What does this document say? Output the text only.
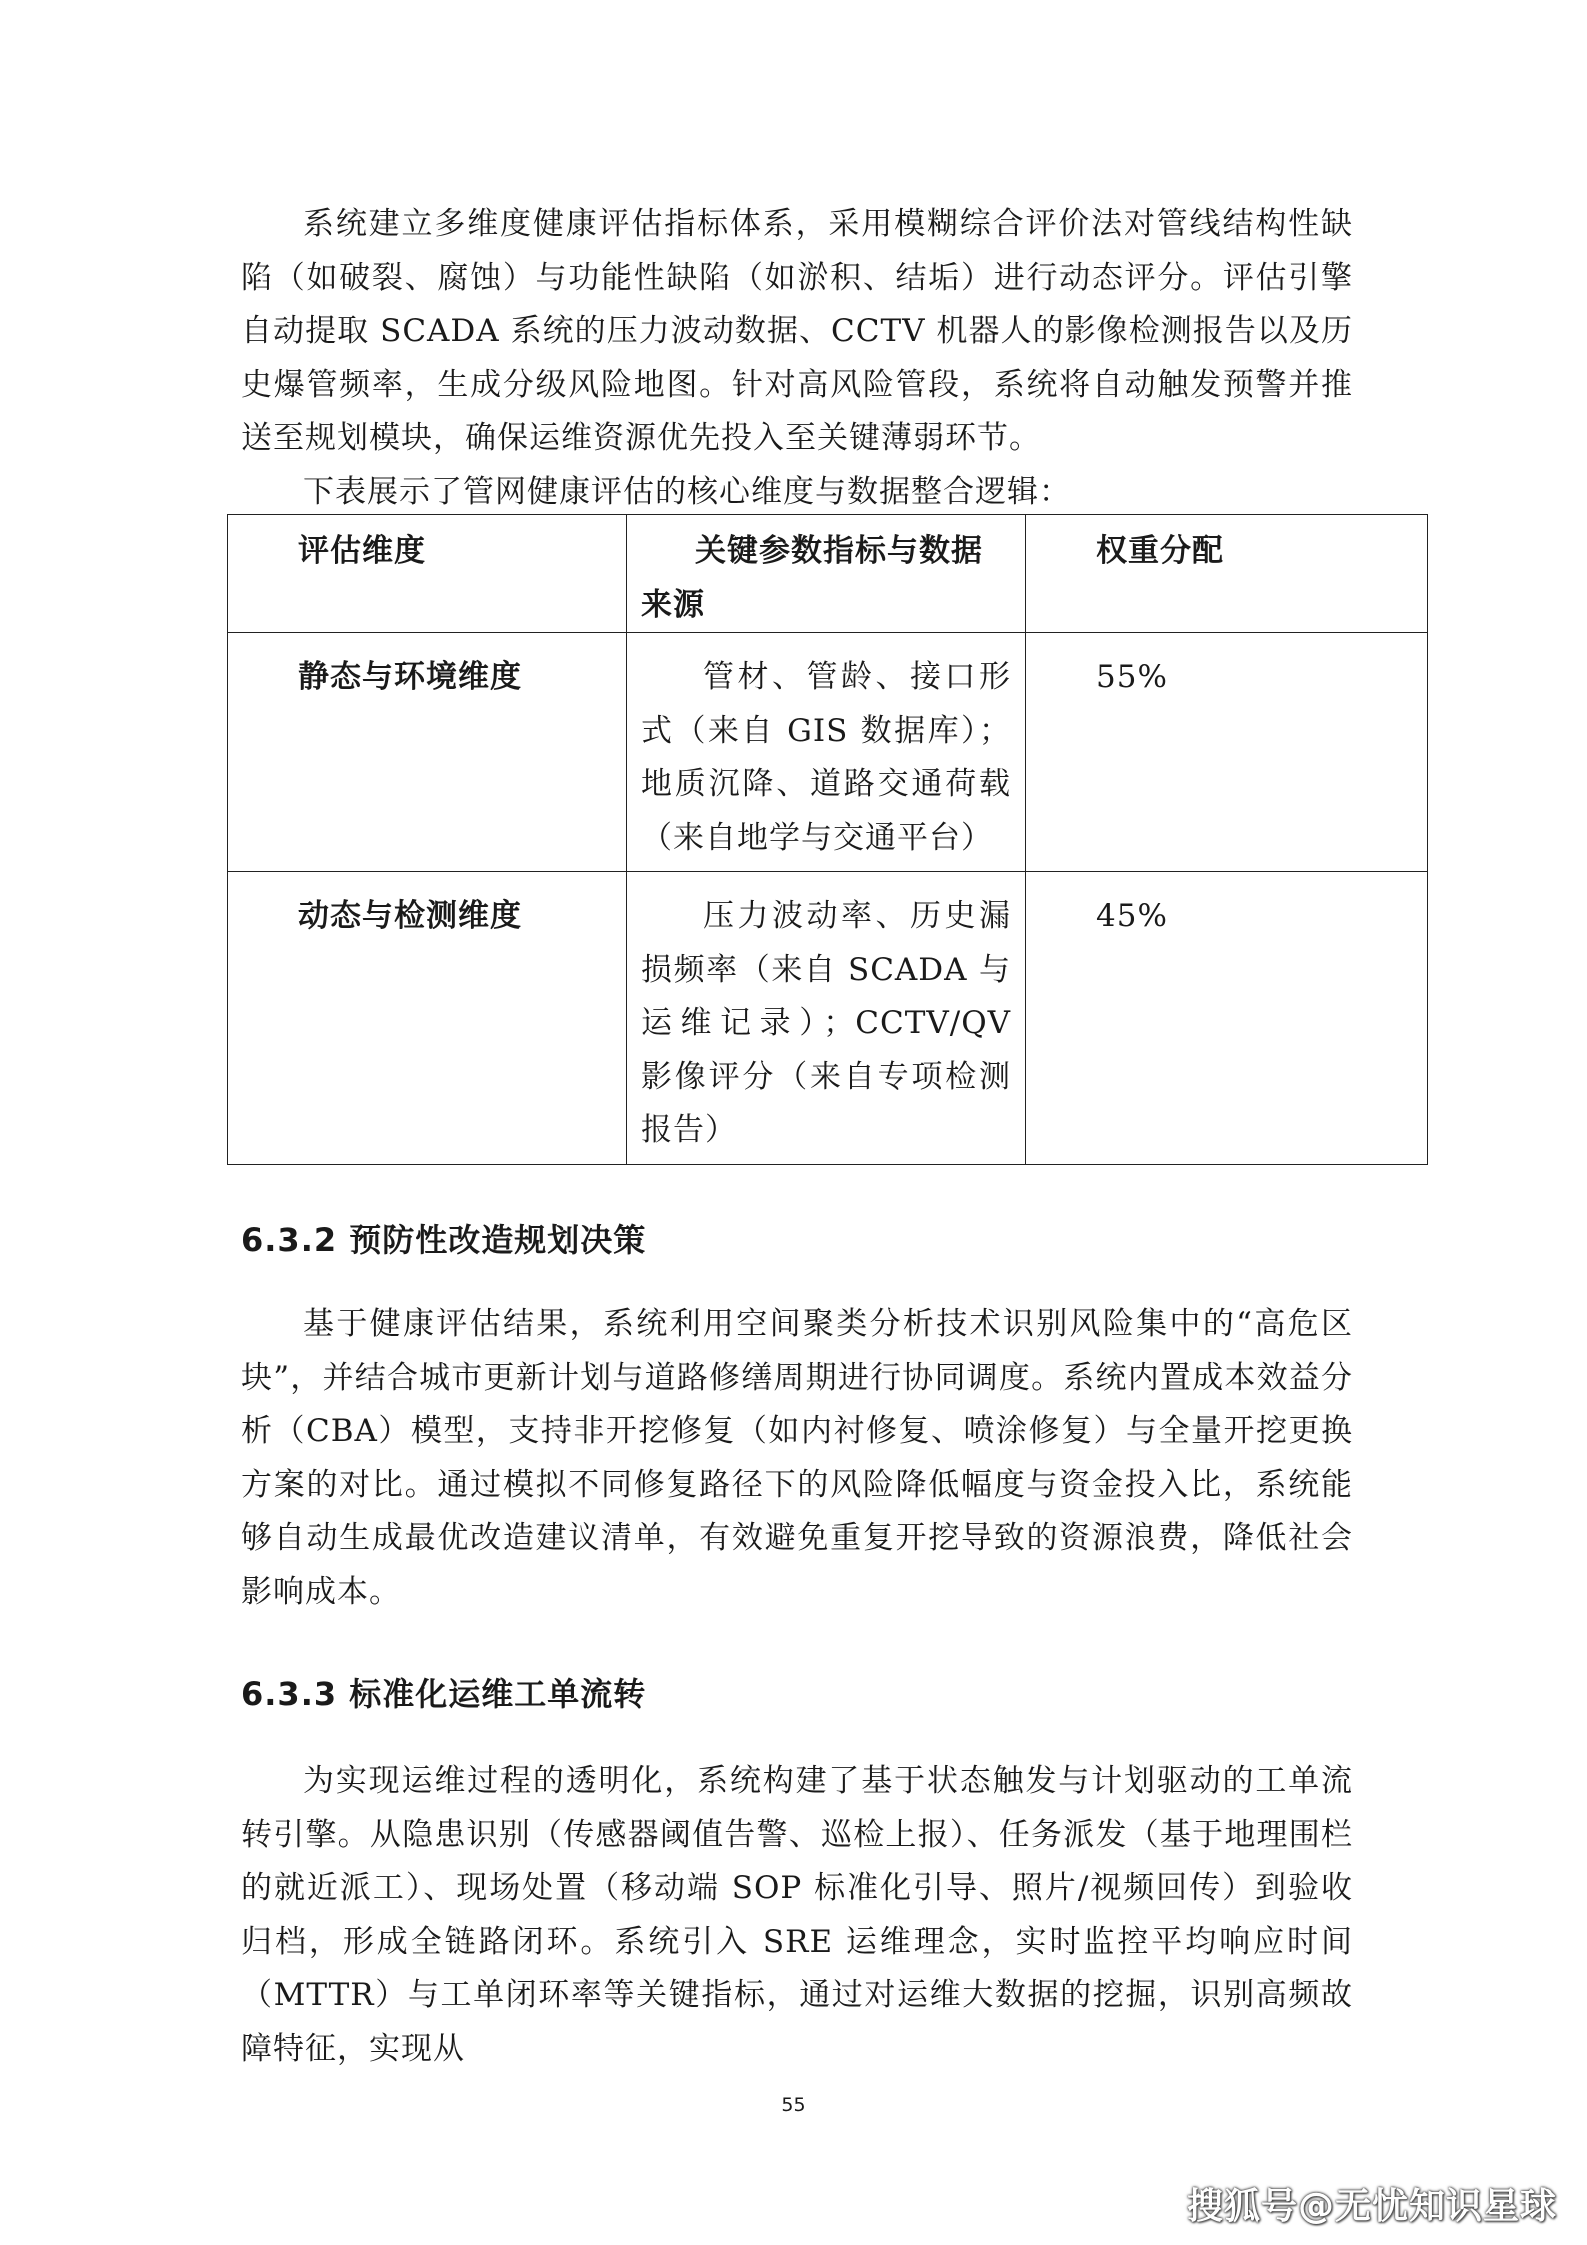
系统建立多维度健康评估指标体系，采用模糊综合评价法对管线结构性缺陷（如破裂、腐蚀）与功能性缺陷（如淤积、结垢）进行动态评分。评估引擎自动提取 SCADA 系统的压力波动数据、CCTV 机器人的影像检测报告以及历史爆管频率，生成分级风险地图。针对高风险管段，系统将自动触发预警并推送至规划模块，确保运维资源优先投入至关键薄弱环节。

下表展示了管网健康评估的核心维度与数据整合逻辑：

评估维度	关键参数指标与数据来源	权重分配

静态与环境维度	管材、管龄、接口形式（来自 GIS 数据库）；地质沉降、道路交通荷载（来自地学与交通平台）	55%

动态与检测维度	压力波动率、历史漏损频率（来自 SCADA 与运维记录）；CCTV/QV 影像评分（来自专项检测报告）	45%
6.3.2 预防性改造规划决策

基于健康评估结果，系统利用空间聚类分析技术识别风险集中的“高危区块”，并结合城市更新计划与道路修缮周期进行协同调度。系统内置成本效益分析（CBA）模型，支持非开挖修复（如内衬修复、喷涂修复）与全量开挖更换方案的对比。通过模拟不同修复路径下的风险降低幅度与资金投入比，系统能够自动生成最优改造建议清单，有效避免重复开挖导致的资源浪费，降低社会影响成本。

6.3.3 标准化运维工单流转

为实现运维过程的透明化，系统构建了基于状态触发与计划驱动的工单流转引擎。从隐患识别（传感器阈值告警、巡检上报）、任务派发（基于地理围栏的就近派工）、现场处置（移动端 SOP 标准化引导、照片/视频回传）到验收归档，形成全链路闭环。系统引入 SRE 运维理念，实时监控平均响应时间（MTTR）与工单闭环率等关键指标，通过对运维大数据的挖掘，识别高频故障特征，实现从

55
搜狐号@无忧知识星球
